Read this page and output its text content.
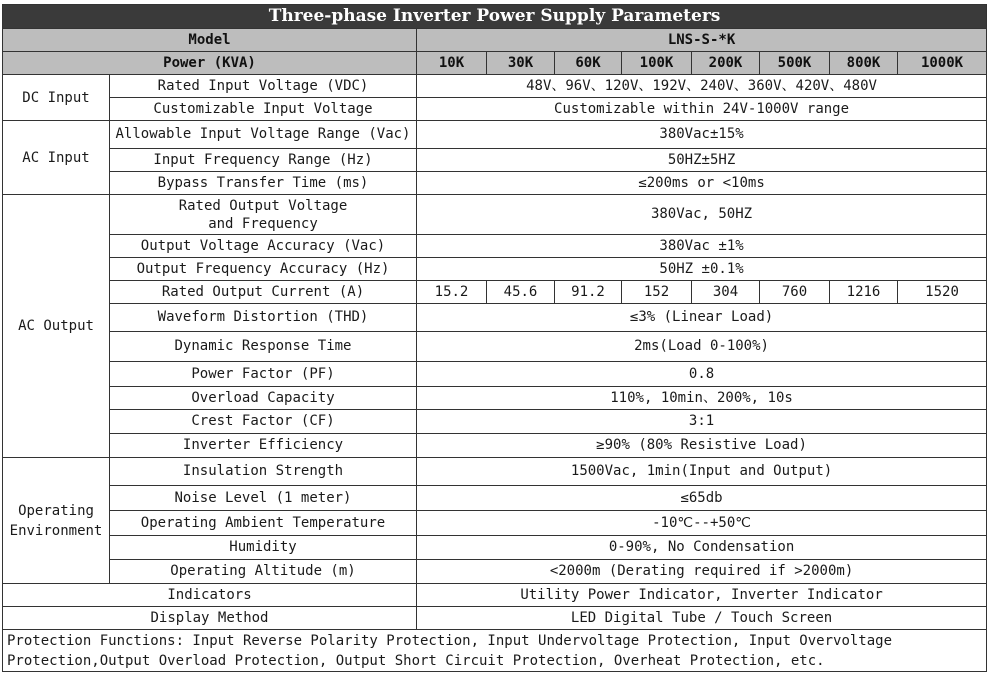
Three-phase Inverter Power Supply Parameters									
Model		LNS-S-*K							
Power (KVA)		10K	30K	60K	100K	200K	500K	800K	1000K
DC Input	Rated Input Voltage (VDC)	48V、96V、120V、192V、240V、360V、420V、480V							
	Customizable Input Voltage	Customizable within 24V-1000V range							
AC Input	Allowable Input Voltage Range (Vac)	380Vac±15%							
	Input Frequency Range (Hz)	50HZ±5HZ							
	Bypass Transfer Time (ms)	≤200ms or <10ms							
AC Output	Rated Output Voltage and Frequency	380Vac, 50HZ							
	Output Voltage Accuracy (Vac)	380Vac ±1%							
	Output Frequency Accuracy (Hz)	50HZ ±0.1%							
	Rated Output Current (A)	15.2	45.6	91.2	152	304	760	1216	1520
	Waveform Distortion (THD)	≤3% (Linear Load)							
	Dynamic Response Time	2ms(Load 0-100%)							
	Power Factor (PF)	0.8							
	Overload Capacity	110%, 10min、200%, 10s							
	Crest Factor (CF)	3:1							
	Inverter Efficiency	≥90% (80% Resistive Load)							
Operating Environment	Insulation Strength	1500Vac, 1min(Input and Output)							
	Noise Level (1 meter)	≤65db							
	Operating Ambient Temperature	-10℃--+50℃							
	Humidity	0-90%, No Condensation							
	Operating Altitude (m)	<2000m (Derating required if >2000m)							
Indicators		Utility Power Indicator, Inverter Indicator							
Display Method		LED Digital Tube / Touch Screen							
Protection Functions: Input Reverse Polarity Protection, Input Undervoltage Protection, Input Overvoltage Protection,Output Overload Protection, Output Short Circuit Protection, Overheat Protection, etc.									
